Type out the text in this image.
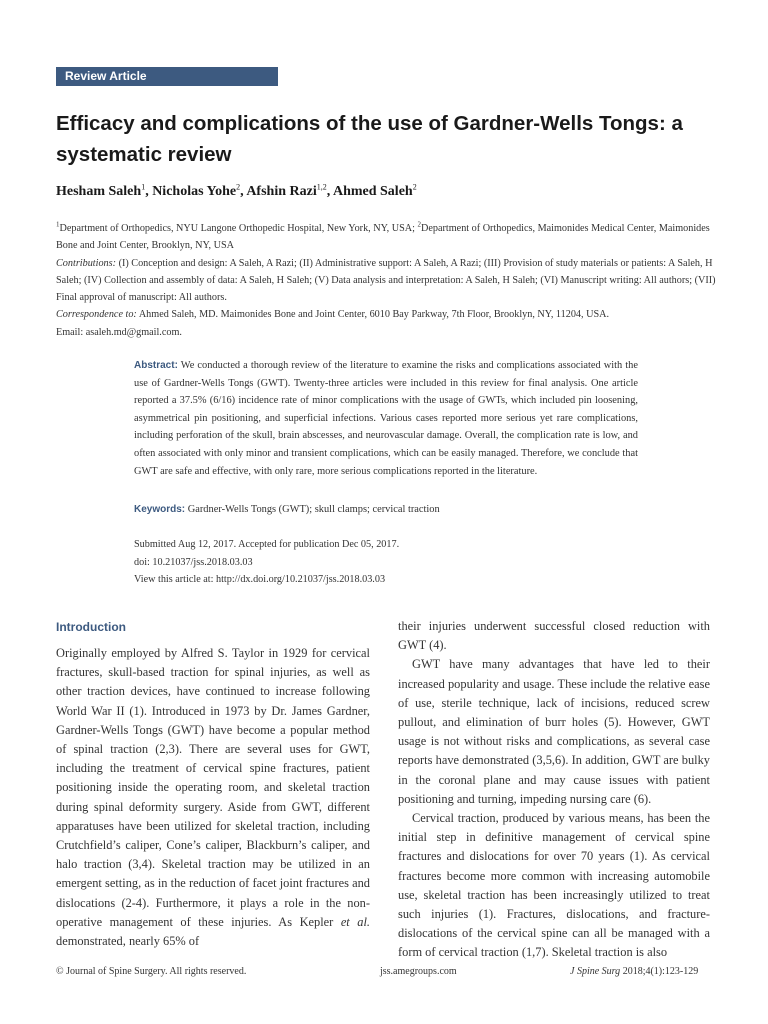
Review Article
Efficacy and complications of the use of Gardner-Wells Tongs: a systematic review
Hesham Saleh$^1$, Nicholas Yohe$^2$, Afshin Razi$^{1,2}$, Ahmed Saleh$^2$

$^1$Department of Orthopedics, NYU Langone Orthopedic Hospital, New York, NY, USA; $^2$Department of Orthopedics, Maimonides Medical Center, Maimonides Bone and Joint Center, Brooklyn, NY, USA

Contributions: (I) Conception and design: A Saleh, A Razi; (II) Administrative support: A Saleh, A Razi; (III) Provision of study materials or patients: A Saleh, H Saleh; (IV) Collection and assembly of data: A Saleh, H Saleh; (V) Data analysis and interpretation: A Saleh, H Saleh; (VI) Manuscript writing: All authors; (VII) Final approval of manuscript: All authors.

Correspondence to: Ahmed Saleh, MD. Maimonides Bone and Joint Center, 6010 Bay Parkway, 7th Floor, Brooklyn, NY, 11204, USA.

Email: asaleh.md@gmail.com.

Abstract: We conducted a thorough review of the literature to examine the risks and complications associated with the use of Gardner-Wells Tongs (GWT). Twenty-three articles were included in this review for final analysis. One article reported a 37.5% (6/16) incidence rate of minor complications with the usage of GWTs, which included pin loosening, asymmetrical pin positioning, and superficial infections. Various cases reported more serious yet rare complications, including perforation of the skull, brain abscesses, and neurovascular damage. Overall, the complication rate is low, and often associated with only minor and transient complications, which can be easily managed. Therefore, we conclude that GWT are safe and effective, with only rare, more serious complications reported in the literature.
Keywords: Gardner-Wells Tongs (GWT); skull clamps; cervical traction
Submitted Aug 12, 2017. Accepted for publication Dec 05, 2017.
doi: 10.21037/jss.2018.03.03
View this article at: http://dx.doi.org/10.21037/jss.2018.03.03
Introduction

Originally employed by Alfred S. Taylor in 1929 for cervical fractures, skull-based traction for spinal injuries, as well as other traction devices, have continued to increase following World War II (1). Introduced in 1973 by Dr. James Gardner, Gardner-Wells Tongs (GWT) have become a popular method of spinal traction (2,3). There are several uses for GWT, including the treatment of cervical spine fractures, patient positioning inside the operating room, and skeletal traction during spinal deformity surgery. Aside from GWT, different apparatuses have been utilized for skeletal traction, including Crutchfield’s caliper, Cone’s caliper, Blackburn’s caliper, and halo traction (3,4). Skeletal traction may be utilized in an emergent setting, as in the reduction of facet joint fractures and dislocations (2-4). Furthermore, it plays a role in the non-operative management of these injuries. As Kepler et al. demonstrated, nearly 65% of

their injuries underwent successful closed reduction with GWT (4).

GWT have many advantages that have led to their increased popularity and usage. These include the relative ease of use, sterile technique, lack of incisions, reduced screw pullout, and elimination of burr holes (5). However, GWT usage is not without risks and complications, as several case reports have demonstrated (3,5,6). In addition, GWT are bulky in the coronal plane and may cause issues with patient positioning and turning, impeding nursing care (6).

Cervical traction, produced by various means, has been the initial step in definitive management of cervical spine fractures and dislocations for over 70 years (1). As cervical fractures become more common with increasing automobile use, skeletal traction has been increasingly utilized to treat such injuries (1). Fractures, dislocations, and fracture-dislocations of the cervical spine can all be managed with a form of cervical traction (1,7). Skeletal traction is also

© Journal of Spine Surgery. All rights reserved.	jss.amegroups.com	J Spine Surg 2018;4(1):123-129
